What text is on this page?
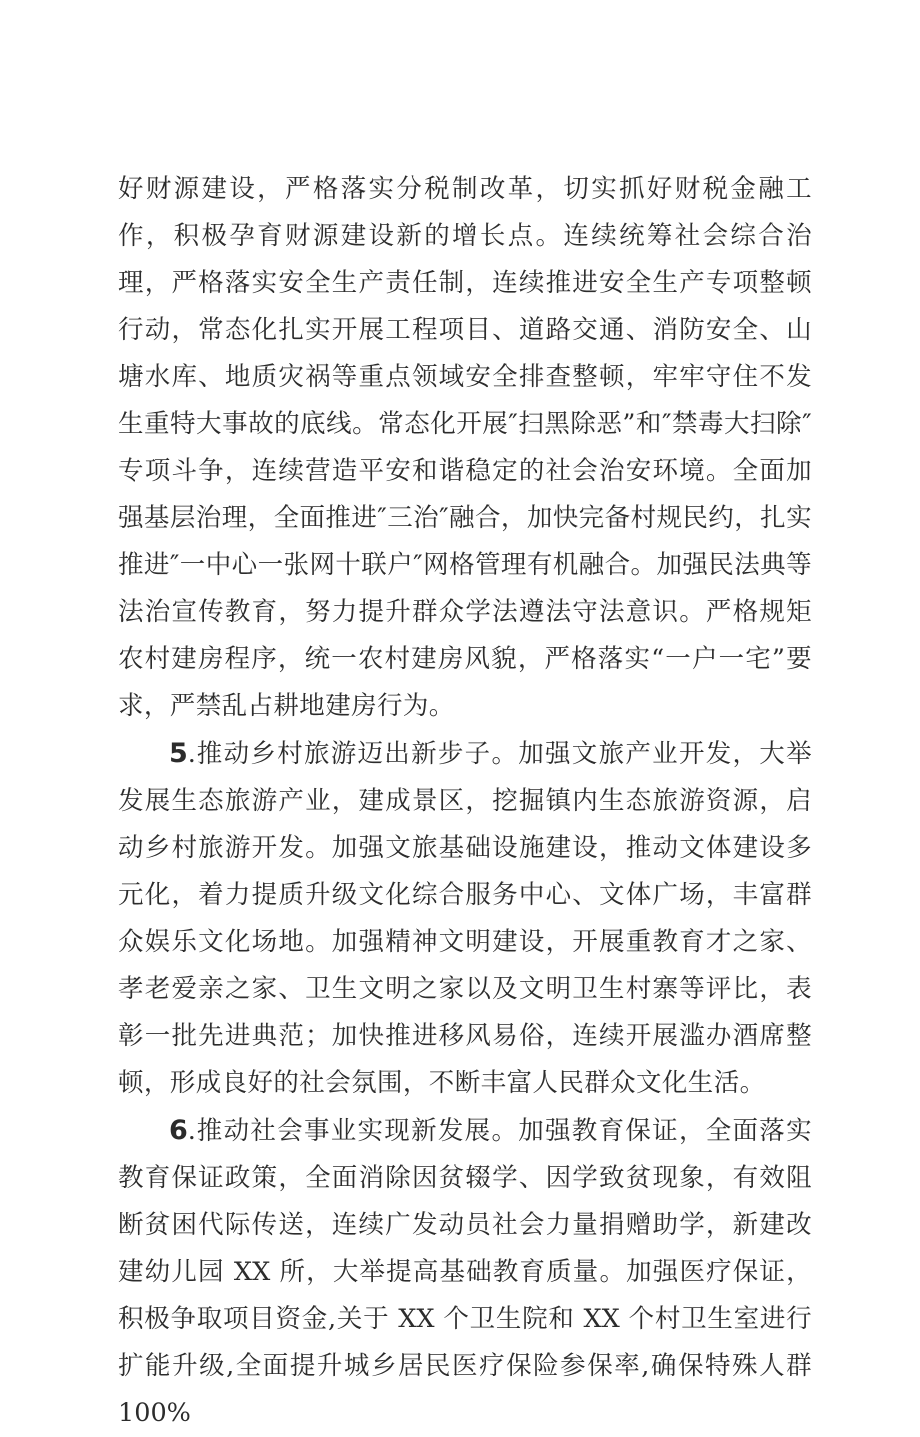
好财源建设，严格落实分税制改革，切实抓好财税金融工作，积极孕育财源建设新的增长点。连续统筹社会综合治理，严格落实安全生产责任制，连续推进安全生产专项整顿行动，常态化扎实开展工程项目、道路交通、消防安全、山塘水库、地质灾祸等重点领域安全排查整顿，牢牢守住不发生重特大事故的底线。常态化开展″扫黑除恶”和″禁毒大扫除″专项斗争，连续营造平安和谐稳定的社会治安环境。全面加强基层治理，全面推进″三治″融合，加快完备村规民约，扎实推进″一中心一张网十联户″网格管理有机融合。加强民法典等法治宣传教育，努力提升群众学法遵法守法意识。严格规矩农村建房程序，统一农村建房风貌，严格落实“一户一宅”要求，严禁乱占耕地建房行为。

5.推动乡村旅游迈出新步子。加强文旅产业开发，大举发展生态旅游产业，建成景区，挖掘镇内生态旅游资源，启动乡村旅游开发。加强文旅基础设施建设，推动文体建设多元化，着力提质升级文化综合服务中心、文体广场，丰富群众娱乐文化场地。加强精神文明建设，开展重教育才之家、孝老爱亲之家、卫生文明之家以及文明卫生村寨等评比，表彰一批先进典范；加快推进移风易俗，连续开展滥办酒席整顿，形成良好的社会氛围，不断丰富人民群众文化生活。

6.推动社会事业实现新发展。加强教育保证，全面落实教育保证政策，全面消除因贫辍学、因学致贫现象，有效阻断贫困代际传送，连续广发动员社会力量捐赠助学，新建改建幼儿园 XX 所，大举提高基础教育质量。加强医疗保证，积极争取项目资金,关于 XX 个卫生院和 XX 个村卫生室进行扩能升级,全面提升城乡居民医疗保险参保率,确保特殊人群 100%
